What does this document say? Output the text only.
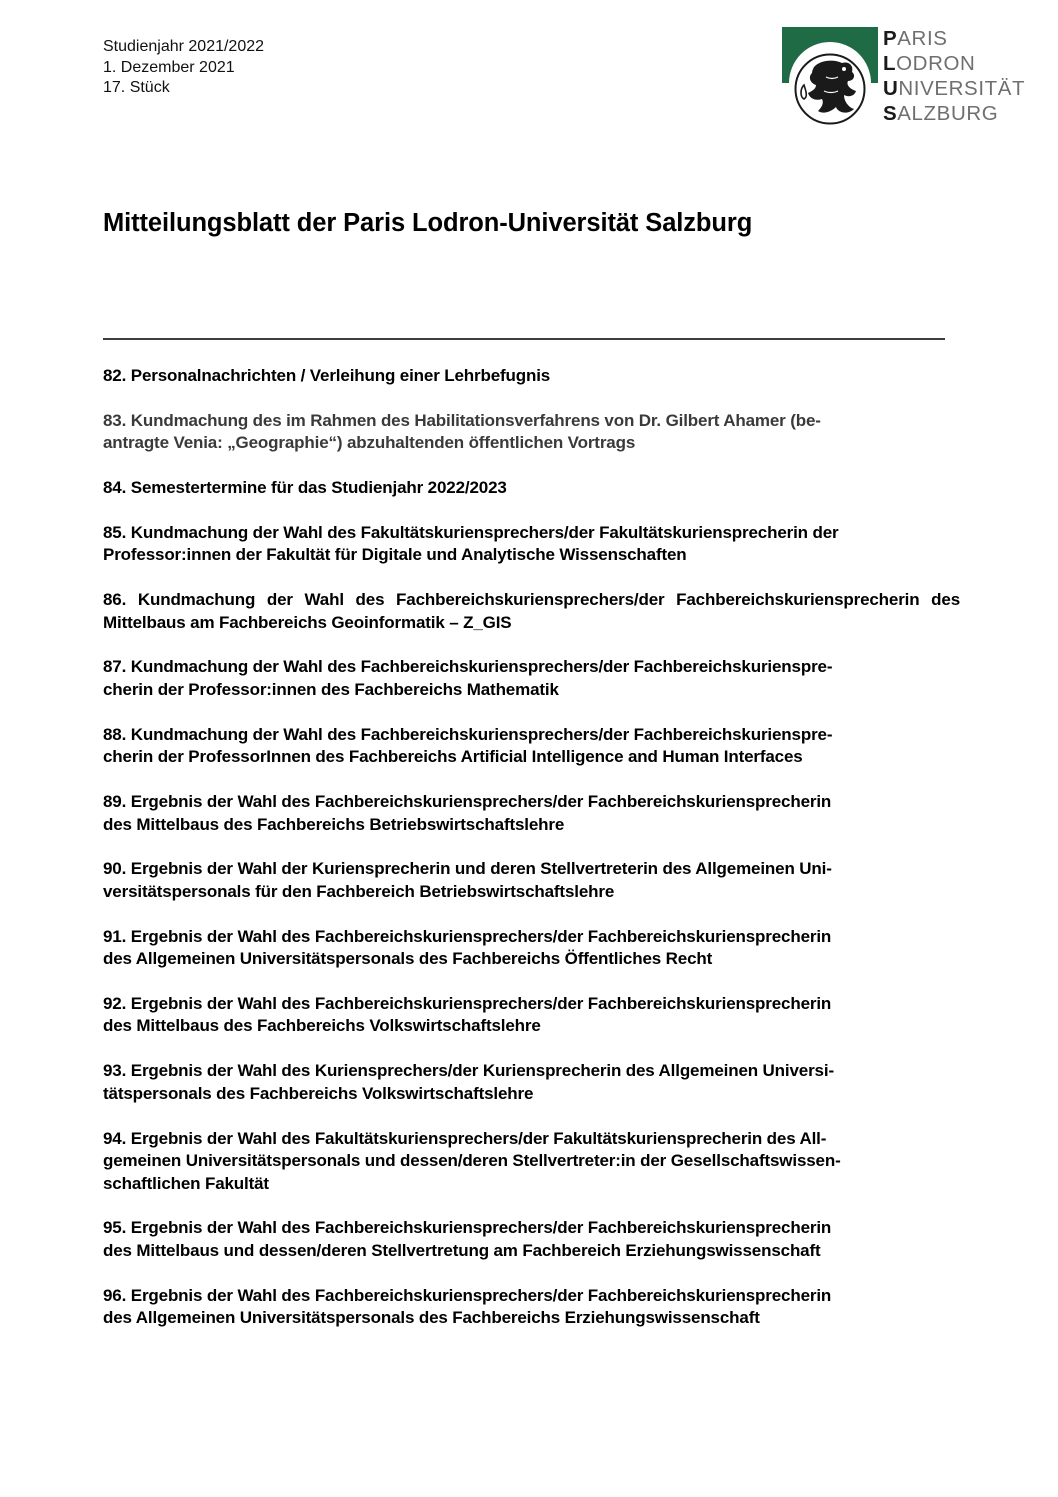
Studienjahr 2021/2022
1. Dezember 2021
17. Stück
PARIS
LODRON
UNIVERSITÄT
SALZBURG
Mitteilungsblatt der Paris Lodron-Universität Salzburg
82. Personalnachrichten / Verleihung einer Lehrbefugnis
83. Kundmachung des im Rahmen des Habilitationsverfahrens von Dr. Gilbert Ahamer (be-
antragte Venia: „Geographie“) abzuhaltenden öffentlichen Vortrags
84. Semestertermine für das Studienjahr 2022/2023
85. Kundmachung der Wahl des Fakultätskuriensprechers/der Fakultätskuriensprecherin der
Professor:innen der Fakultät für Digitale und Analytische Wissenschaften
86. Kundmachung der Wahl des Fachbereichskuriensprechers/der Fachbereichskuriensprecherin des Mittelbaus am Fachbereichs Geoinformatik – Z_GIS
87. Kundmachung der Wahl des Fachbereichskuriensprechers/der Fachbereichskurienspre-
cherin der Professor:innen des Fachbereichs Mathematik
88. Kundmachung der Wahl des Fachbereichskuriensprechers/der Fachbereichskurienspre-
cherin der ProfessorInnen des Fachbereichs Artificial Intelligence and Human Interfaces
89. Ergebnis der Wahl des Fachbereichskuriensprechers/der Fachbereichskuriensprecherin
des Mittelbaus des Fachbereichs Betriebswirtschaftslehre
90. Ergebnis der Wahl der Kuriensprecherin und deren Stellvertreterin des Allgemeinen Uni-
versitätspersonals für den Fachbereich Betriebswirtschaftslehre
91. Ergebnis der Wahl des Fachbereichskuriensprechers/der Fachbereichskuriensprecherin
des Allgemeinen Universitätspersonals des Fachbereichs Öffentliches Recht
92. Ergebnis der Wahl des Fachbereichskuriensprechers/der Fachbereichskuriensprecherin
des Mittelbaus des Fachbereichs Volkswirtschaftslehre
93. Ergebnis der Wahl des Kuriensprechers/der Kuriensprecherin des Allgemeinen Universi-
tätspersonals des Fachbereichs Volkswirtschaftslehre
94. Ergebnis der Wahl des Fakultätskuriensprechers/der Fakultätskuriensprecherin des All-
gemeinen Universitätspersonals und dessen/deren Stellvertreter:in der Gesellschaftswissen-
schaftlichen Fakultät
95. Ergebnis der Wahl des Fachbereichskuriensprechers/der Fachbereichskuriensprecherin
des Mittelbaus und dessen/deren Stellvertretung am Fachbereich Erziehungswissenschaft
96. Ergebnis der Wahl des Fachbereichskuriensprechers/der Fachbereichskuriensprecherin
des Allgemeinen Universitätspersonals des Fachbereichs Erziehungswissenschaft
